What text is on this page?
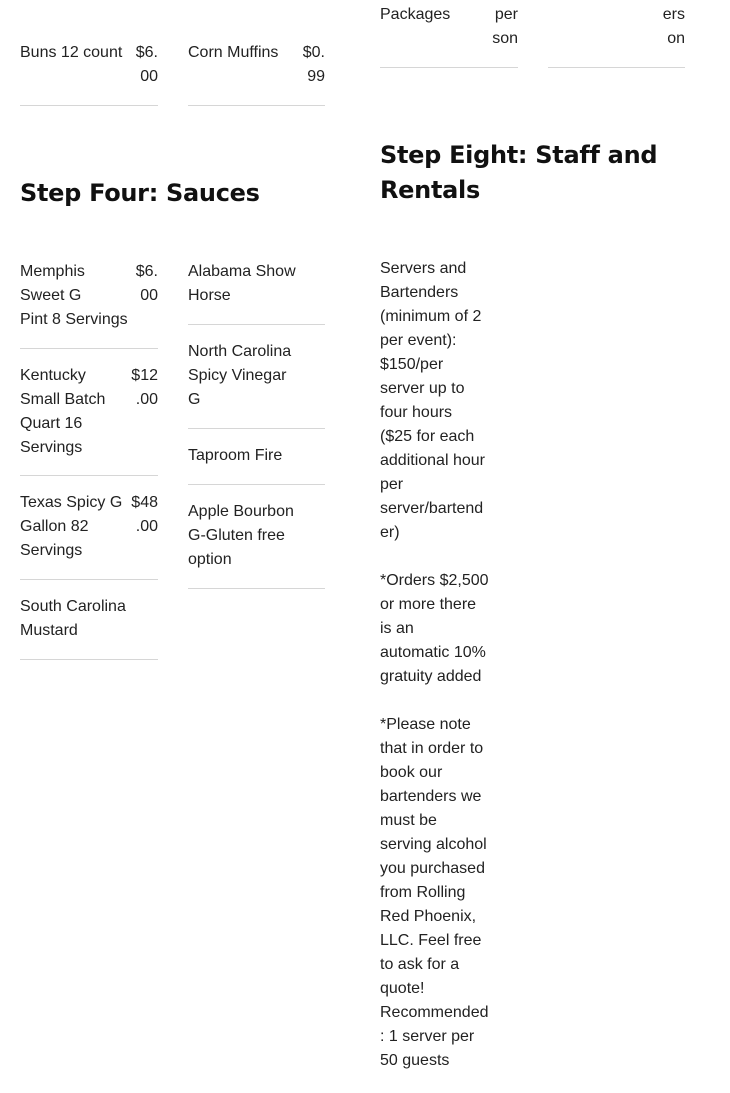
Buns 12 count $6.
00
Corn Muffins $0.
99
Packages	per
son
ers
on
Step Four: Sauces
Memphis
Sweet G
Pint 8 Servings
$6.
00
Kentucky
Small Batch
Quart 16
Servings
$12
.00
Texas Spicy G
Gallon 82
Servings
$48
.00
South Carolina
Mustard
Alabama Show
Horse
North Carolina
Spicy Vinegar
G
Taproom Fire
Apple Bourbon
G-Gluten free
option
Step Eight: Staff and Rentals
Servers and
Bartenders
(minimum of 2
per event):
$150/per
server up to
four hours
($25 for each
additional hour
per
server/bartend
er)
*Orders $2,500
or more there
is an
automatic 10%
gratuity added
*Please note
that in order to
book our
bartenders we
must be
serving alcohol
you purchased
from Rolling
Red Phoenix,
LLC. Feel free
to ask for a
quote!
Recommended
: 1 server per
50 guests
